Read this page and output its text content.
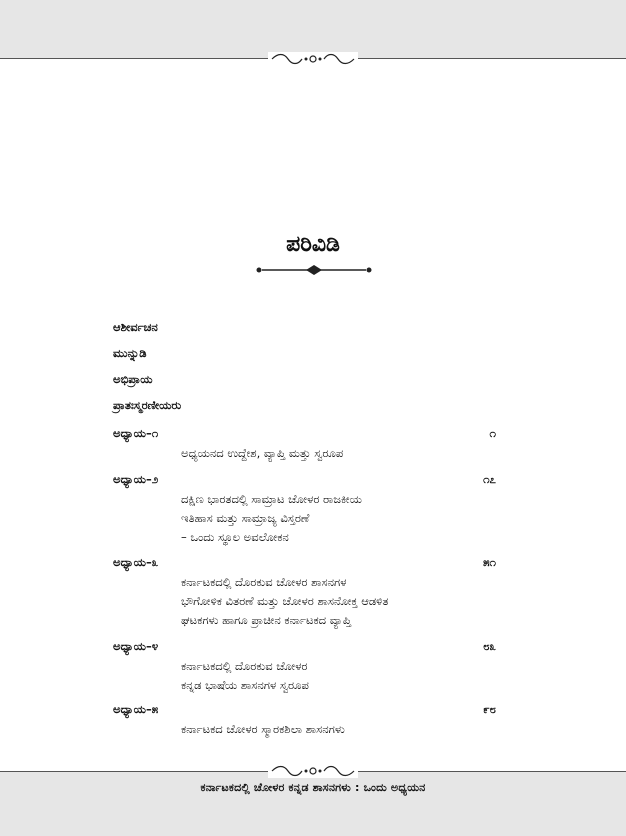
ಪರಿವಿಡಿ
ಆಶೀರ್ವಚನ
ಮುನ್ನುಡಿ
ಅಭಿಪ್ರಾಯ
ಪ್ರಾತಃಸ್ಮರಣೀಯರು
ಅಧ್ಯಾಯ–೧	೧
ಅಧ್ಯಯನದ ಉದ್ದೇಶ, ವ್ಯಾಪ್ತಿ ಮತ್ತು ಸ್ವರೂಪ
ಅಧ್ಯಾಯ–೨	೧೭
ದಕ್ಷಿಣ ಭಾರತದಲ್ಲಿ ಸಾಮ್ರಾಟ ಚೋಳರ ರಾಜಕೀಯ
ಇತಿಹಾಸ ಮತ್ತು ಸಾಮ್ರಾಜ್ಯ ವಿಸ್ತರಣೆ
– ಒಂದು ಸ್ಥೂಲ ಅವಲೋಕನ
ಅಧ್ಯಾಯ–೩	೫೧
ಕರ್ನಾಟಕದಲ್ಲಿ ದೊರಕುವ ಚೋಳರ ಶಾಸನಗಳ
ಭೌಗೋಳಿಕ ವಿತರಣೆ ಮತ್ತು ಚೋಳರ ಶಾಸನೋಕ್ತ ಆಡಳಿತ
ಘಟಕಗಳು ಹಾಗೂ ಪ್ರಾಚೀನ ಕರ್ನಾಟಕದ ವ್ಯಾಪ್ತಿ
ಅಧ್ಯಾಯ–೪	೮೩
ಕರ್ನಾಟಕದಲ್ಲಿ ದೊರಕುವ ಚೋಳರ
ಕನ್ನಡ ಭಾಷೆಯ ಶಾಸನಗಳ ಸ್ವರೂಪ
ಅಧ್ಯಾಯ–೫	೯೮
ಕರ್ನಾಟಕದ ಚೋಳರ ಸ್ಮಾರಕಶಿಲಾ ಶಾಸನಗಳು
ಕರ್ನಾಟಕದಲ್ಲಿ ಚೋಳರ ಕನ್ನಡ ಶಾಸನಗಳು : ಒಂದು ಅಧ್ಯಯನ
